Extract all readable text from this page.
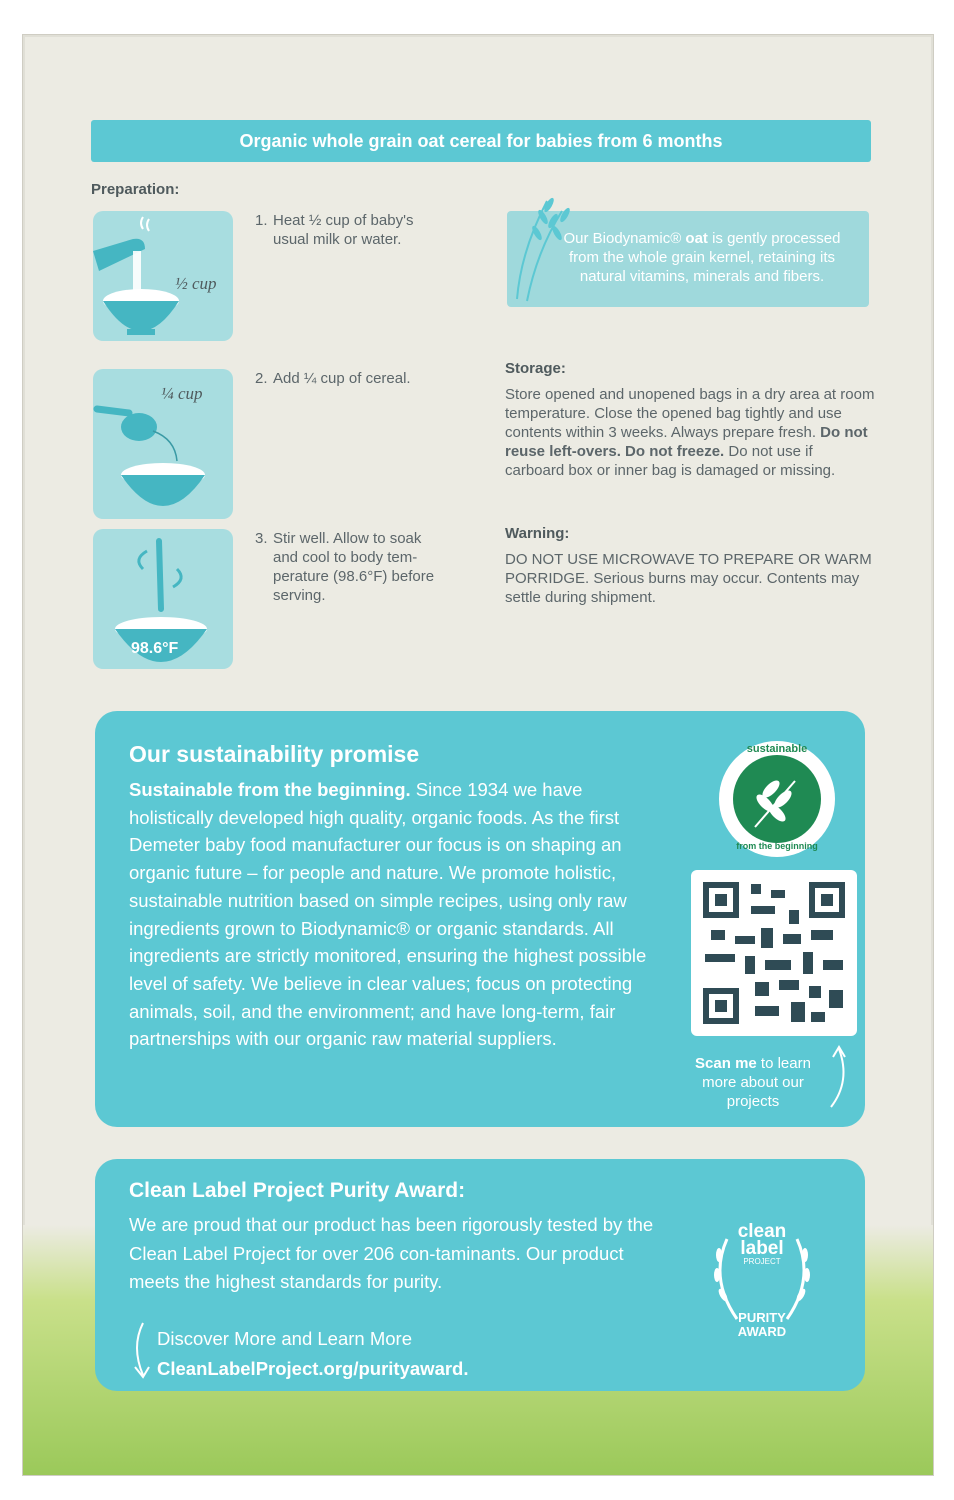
Organic whole grain oat cereal for babies from 6 months
Preparation:
½ cup
1. Heat ½ cup of baby's
usual milk or water.	Our Biodynamic® oat is gently processed from the whole grain kernel, retaining its natural vitamins, minerals and fibers.
¼ cup
2. Add ¼ cup of cereal.
Storage:
Store opened and unopened bags in a dry area at room temperature. Close the opened bag tightly and use contents within 3 weeks. Always prepare fresh. Do not reuse left-overs. Do not freeze. Do not use if carboard box or inner bag is damaged or missing.
98.6°F
3. Stir well. Allow to soak
and cool to body tem-
perature (98.6°F) before
serving.
Warning:
DO NOT USE MICROWAVE TO PREPARE OR WARM PORRIDGE. Serious burns may occur. Contents may settle during shipment.
Our sustainability promise
Sustainable from the beginning. Since 1934 we have holistically developed high quality, organic foods. As the first Demeter baby food manufacturer our focus is on shaping an organic future – for people and nature. We promote holistic, sustainable nutrition based on simple recipes, using only raw ingredients grown to Biodynamic® or organic standards. All ingredients are strictly monitored, ensuring the highest possible level of safety. We believe in clear values; focus on protecting animals, soil, and the environment; and have long-term, fair partnerships with our organic raw material suppliers.
sustainable
from the beginning
Scan me to learn more about our projects
Clean Label Project Purity Award:
We are proud that our product has been rigorously tested by the Clean Label Project for over 206 con-taminants. Our product meets the highest standards for purity.
Discover More and Learn More
CleanLabelProject.org/purityaward.
clean
label
PROJECT
PURITY
AWARD
